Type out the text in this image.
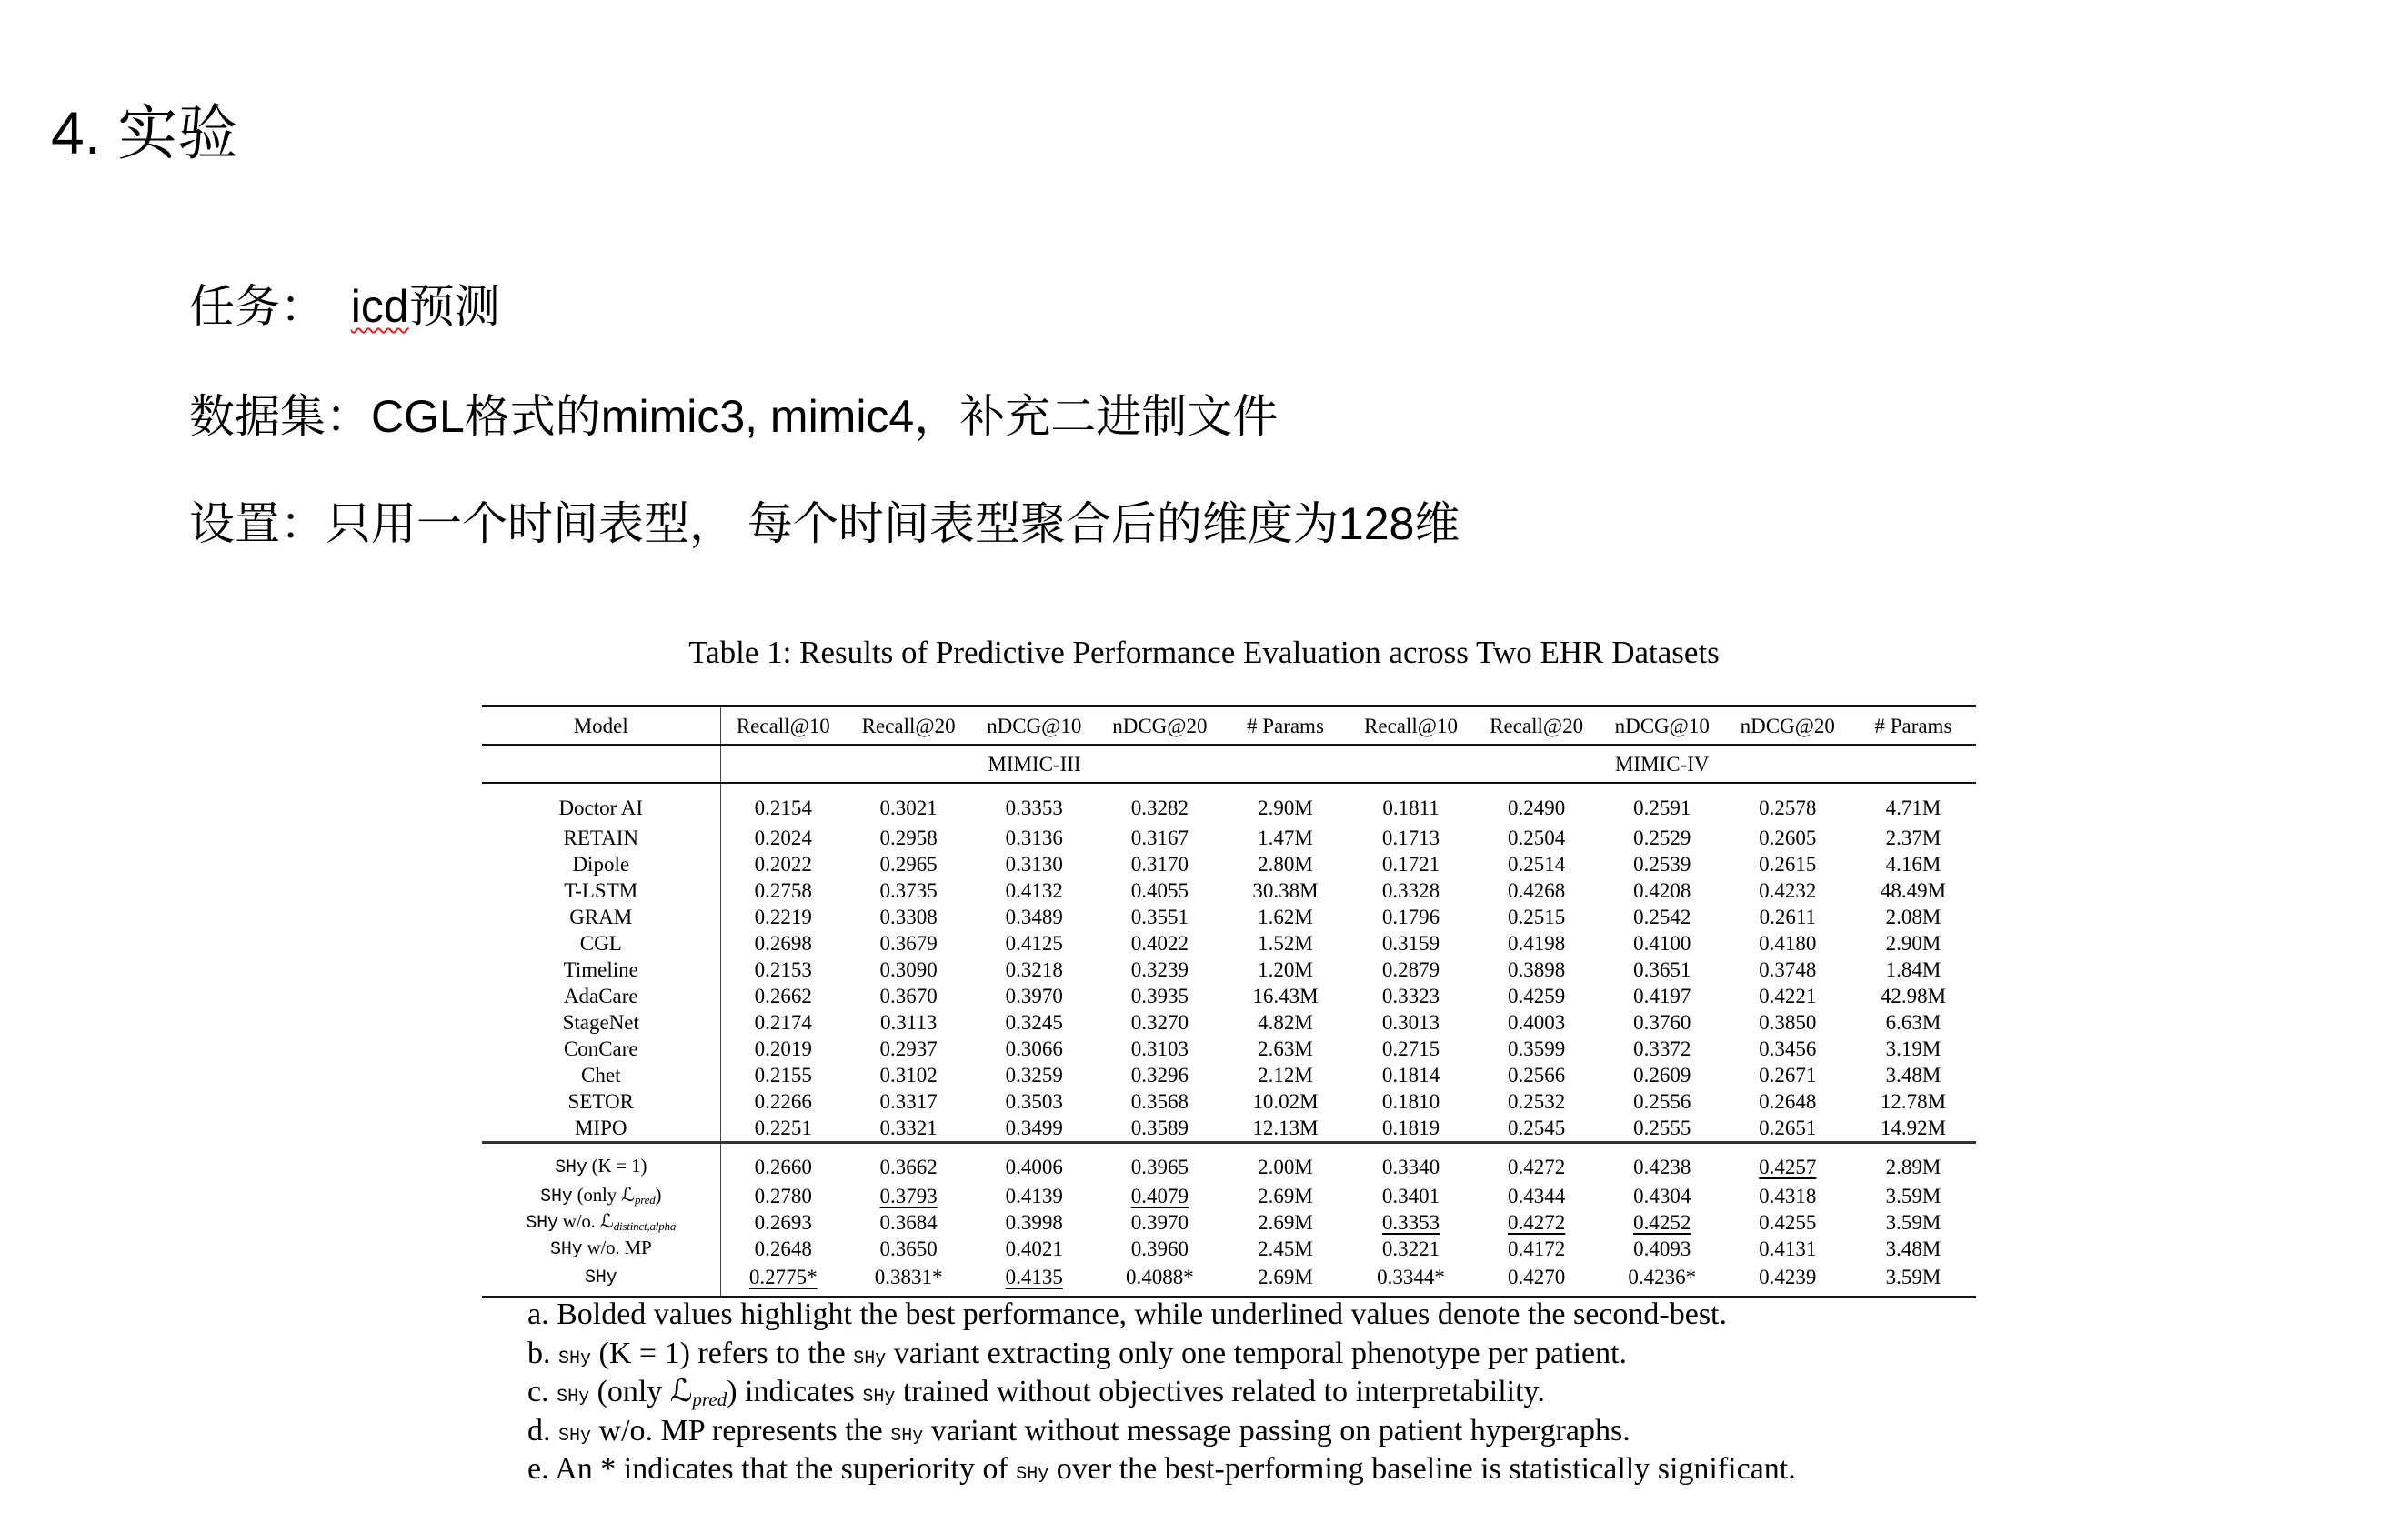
4. 实验
任务： icd预测
数据集：CGL格式的mimic3, mimic4，补充二进制文件
设置：只用一个时间表型， 每个时间表型聚合后的维度为128维
Table 1: Results of Predictive Performance Evaluation across Two EHR Datasets
Model	Recall@10	Recall@20	nDCG@10	nDCG@20	# Params	Recall@10	Recall@20	nDCG@10	nDCG@20	# Params
	MIMIC-III					MIMIC-IV				
Doctor AI	0.2154	0.3021	0.3353	0.3282	2.90M	0.1811	0.2490	0.2591	0.2578	4.71M
RETAIN	0.2024	0.2958	0.3136	0.3167	1.47M	0.1713	0.2504	0.2529	0.2605	2.37M
Dipole	0.2022	0.2965	0.3130	0.3170	2.80M	0.1721	0.2514	0.2539	0.2615	4.16M
T-LSTM	0.2758	0.3735	0.4132	0.4055	30.38M	0.3328	0.4268	0.4208	0.4232	48.49M
GRAM	0.2219	0.3308	0.3489	0.3551	1.62M	0.1796	0.2515	0.2542	0.2611	2.08M
CGL	0.2698	0.3679	0.4125	0.4022	1.52M	0.3159	0.4198	0.4100	0.4180	2.90M
Timeline	0.2153	0.3090	0.3218	0.3239	1.20M	0.2879	0.3898	0.3651	0.3748	1.84M
AdaCare	0.2662	0.3670	0.3970	0.3935	16.43M	0.3323	0.4259	0.4197	0.4221	42.98M
StageNet	0.2174	0.3113	0.3245	0.3270	4.82M	0.3013	0.4003	0.3760	0.3850	6.63M
ConCare	0.2019	0.2937	0.3066	0.3103	2.63M	0.2715	0.3599	0.3372	0.3456	3.19M
Chet	0.2155	0.3102	0.3259	0.3296	2.12M	0.1814	0.2566	0.2609	0.2671	3.48M
SETOR	0.2266	0.3317	0.3503	0.3568	10.02M	0.1810	0.2532	0.2556	0.2648	12.78M
MIPO	0.2251	0.3321	0.3499	0.3589	12.13M	0.1819	0.2545	0.2555	0.2651	14.92M
SHy (K = 1)	0.2660	0.3662	0.4006	0.3965	2.00M	0.3340	0.4272	0.4238	0.4257	2.89M
SHy (only ℒpred)	0.2780	0.3793	0.4139	0.4079	2.69M	0.3401	0.4344	0.4304	0.4318	3.59M
SHy w/o. ℒdistinct,alpha	0.2693	0.3684	0.3998	0.3970	2.69M	0.3353	0.4272	0.4252	0.4255	3.59M
SHy w/o. MP	0.2648	0.3650	0.4021	0.3960	2.45M	0.3221	0.4172	0.4093	0.4131	3.48M
SHy	0.2775*	0.3831*	0.4135	0.4088*	2.69M	0.3344*	0.4270	0.4236*	0.4239	3.59M
a. Bolded values highlight the best performance, while underlined values denote the second-best.
b. SHy (K = 1) refers to the SHy variant extracting only one temporal phenotype per patient.
c. SHy (only ℒpred) indicates SHy trained without objectives related to interpretability.
d. SHy w/o. MP represents the SHy variant without message passing on patient hypergraphs.
e. An * indicates that the superiority of SHy over the best-performing baseline is statistically significant.
